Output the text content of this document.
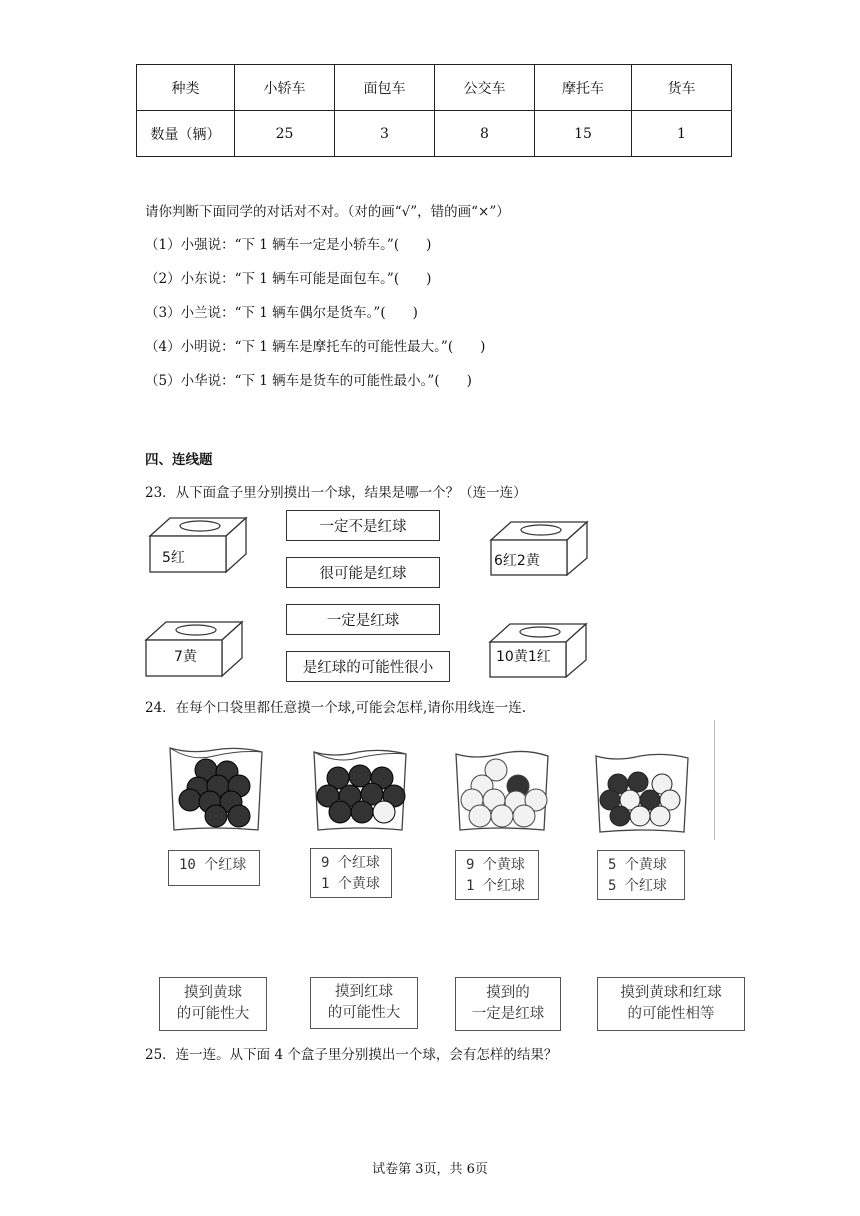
种类	小轿车	面包车	公交车	摩托车	货车
数量（辆）	25	3	8	15	1
请你判断下面同学的对话对不对。（对的画“√”，错的画“×”）
（1）小强说：“下 1 辆车一定是小轿车。”(　　)
（2）小东说：“下 1 辆车可能是面包车。”(　　)
（3）小兰说：“下 1 辆车偶尔是货车。”(　　)
（4）小明说：“下 1 辆车是摩托车的可能性最大。”(　　)
（5）小华说：“下 1 辆车是货车的可能性最小。”(　　)
四、连线题
23．从下面盒子里分别摸出一个球，结果是哪一个？（连一连）
5红	6红2黄
7黄	10黄1红
一定不是红球
很可能是红球
一定是红球
是红球的可能性很小
24．在每个口袋里都任意摸一个球,可能会怎样,请你用线连一连.
10 个红球	9 个红球
1 个黄球
9 个黄球
1 个红球
5 个黄球
5 个红球
摸到黄球
的可能性大
摸到红球
的可能性大
摸到的
一定是红球
摸到黄球和红球
的可能性相等
25．连一连。从下面 4 个盒子里分别摸出一个球，会有怎样的结果？
试卷第 3页，共 6页
